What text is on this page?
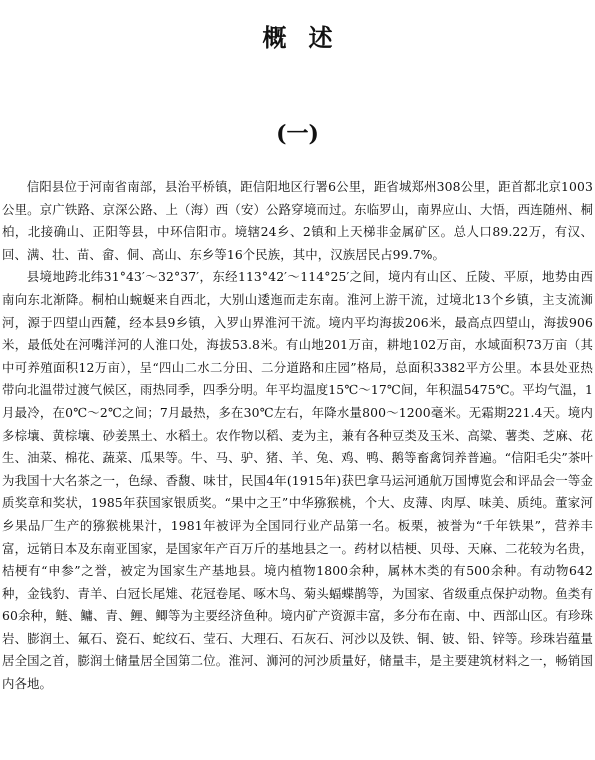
概述
(一)

信阳县位于河南省南部，县治平桥镇，距信阳地区行署6公里，距省城郑州308公里，距首都北京1003公里。京广铁路、京深公路、上（海）西（安）公路穿境而过。东临罗山，南界应山、大悟，西连随州、桐柏，北接确山、正阳等县，中环信阳市。境辖24乡、2镇和上天梯非金属矿区。总人口89.22万，有汉、回、满、壮、苗、畲、侗、高山、东乡等16个民族，其中，汉族居民占99.7%。

县境地跨北纬31°43′～32°37′，东经113°42′～114°25′之间，境内有山区、丘陵、平原，地势由西南向东北渐降。桐柏山蜿蜒来自西北，大别山逶迤而走东南。淮河上游干流，过境北13个乡镇，主支流浉河，源于四望山西麓，经本县9乡镇，入罗山界淮河干流。境内平均海拔206米，最高点四望山，海拔906米，最低处在河嘴洋河的人淮口处，海拔53.8米。有山地201万亩，耕地102万亩，水域面积73万亩（其中可养殖面积12万亩），呈“四山二水二分田、二分道路和庄园”格局，总面积3382平方公里。本县处亚热带向北温带过渡气候区，雨热同季，四季分明。年平均温度15℃～17℃间，年积温5475℃。平均气温，1月最冷，在0℃～2℃之间；7月最热，多在30℃左右，年降水量800～1200毫米。无霜期221.4天。境内多棕壤、黄棕壤、砂姜黑土、水稻土。农作物以稻、麦为主，兼有各种豆类及玉米、高粱、薯类、芝麻、花生、油菜、棉花、蔬菜、瓜果等。牛、马、驴、猪、羊、兔、鸡、鸭、鹅等畜禽饲养普遍。“信阳毛尖”茶叶为我国十大名茶之一，色绿、香馥、味甘，民国4年(1915年)获巴拿马运河通航万国博览会和评品会一等金质奖章和奖状，1985年获国家银质奖。“果中之王”中华猕猴桃，个大、皮薄、肉厚、味美、质纯。董家河乡果品厂生产的猕猴桃果汁，1981年被评为全国同行业产品第一名。板栗，被誉为“千年铁果”，营养丰富，远销日本及东南亚国家，是国家年产百万斤的基地县之一。药材以桔梗、贝母、天麻、二花较为名贵，桔梗有“申参”之誉，被定为国家生产基地县。境内植物1800余种，属林木类的有500余种。有动物642种，金钱豹、青羊、白冠长尾雉、花冠卷尾、啄木鸟、菊头蝠蝶鹊等，为国家、省级重点保护动物。鱼类有60余种，鲢、鳙、青、鲤、鲫等为主要经济鱼种。境内矿产资源丰富，多分布在南、中、西部山区。有珍珠岩、膨润土、氟石、瓷石、蛇纹石、莹石、大理石、石灰石、河沙以及铁、铜、铍、铅、锌等。珍珠岩蕴量居全国之首，膨润土储量居全国第二位。淮河、浉河的河沙质量好，储量丰，是主要建筑材料之一，畅销国内各地。
